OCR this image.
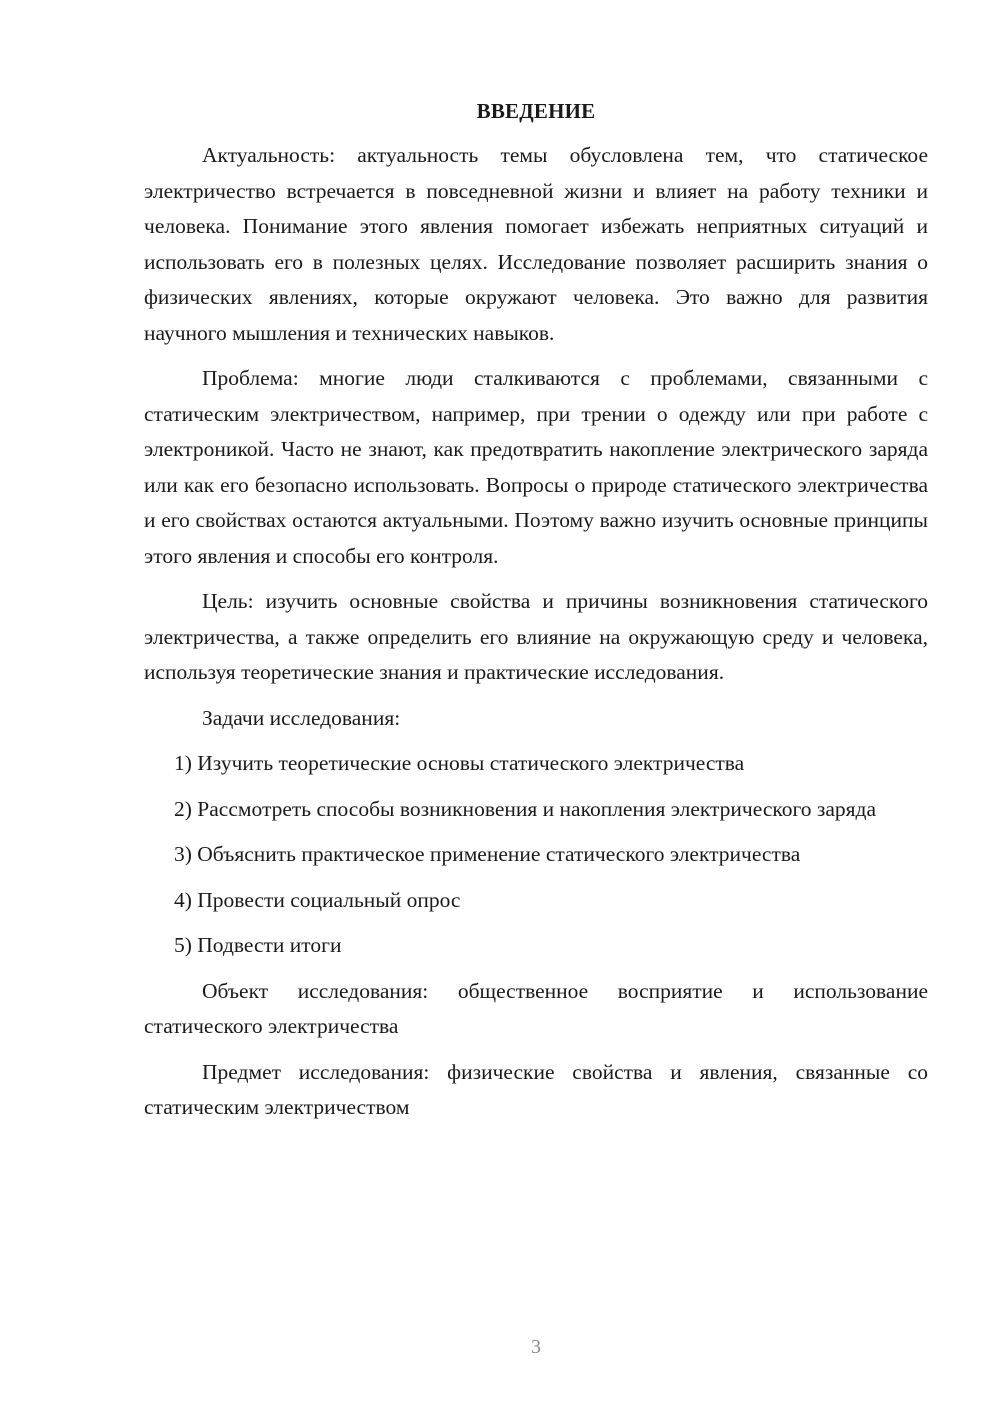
ВВЕДЕНИЕ

Актуальность: актуальность темы обусловлена тем, что статическое электричество встречается в повседневной жизни и влияет на работу техники и человека. Понимание этого явления помогает избежать неприятных ситуаций и использовать его в полезных целях. Исследование позволяет расширить знания о физических явлениях, которые окружают человека. Это важно для развития научного мышления и технических навыков.

Проблема: многие люди сталкиваются с проблемами, связанными с статическим электричеством, например, при трении о одежду или при работе с электроникой. Часто не знают, как предотвратить накопление электрического заряда или как его безопасно использовать. Вопросы о природе статического электричества и его свойствах остаются актуальными. Поэтому важно изучить основные принципы этого явления и способы его контроля.

Цель: изучить основные свойства и причины возникновения статического электричества, а также определить его влияние на окружающую среду и человека, используя теоретические знания и практические исследования.

Задачи исследования:

1) Изучить теоретические основы статического электричества

2) Рассмотреть способы возникновения и накопления электрического заряда

3) Объяснить практическое применение статического электричества

4) Провести социальный опрос

5) Подвести итоги

Объект исследования: общественное восприятие и использование статического электричества

Предмет исследования: физические свойства и явления, связанные со статическим электричеством

3
